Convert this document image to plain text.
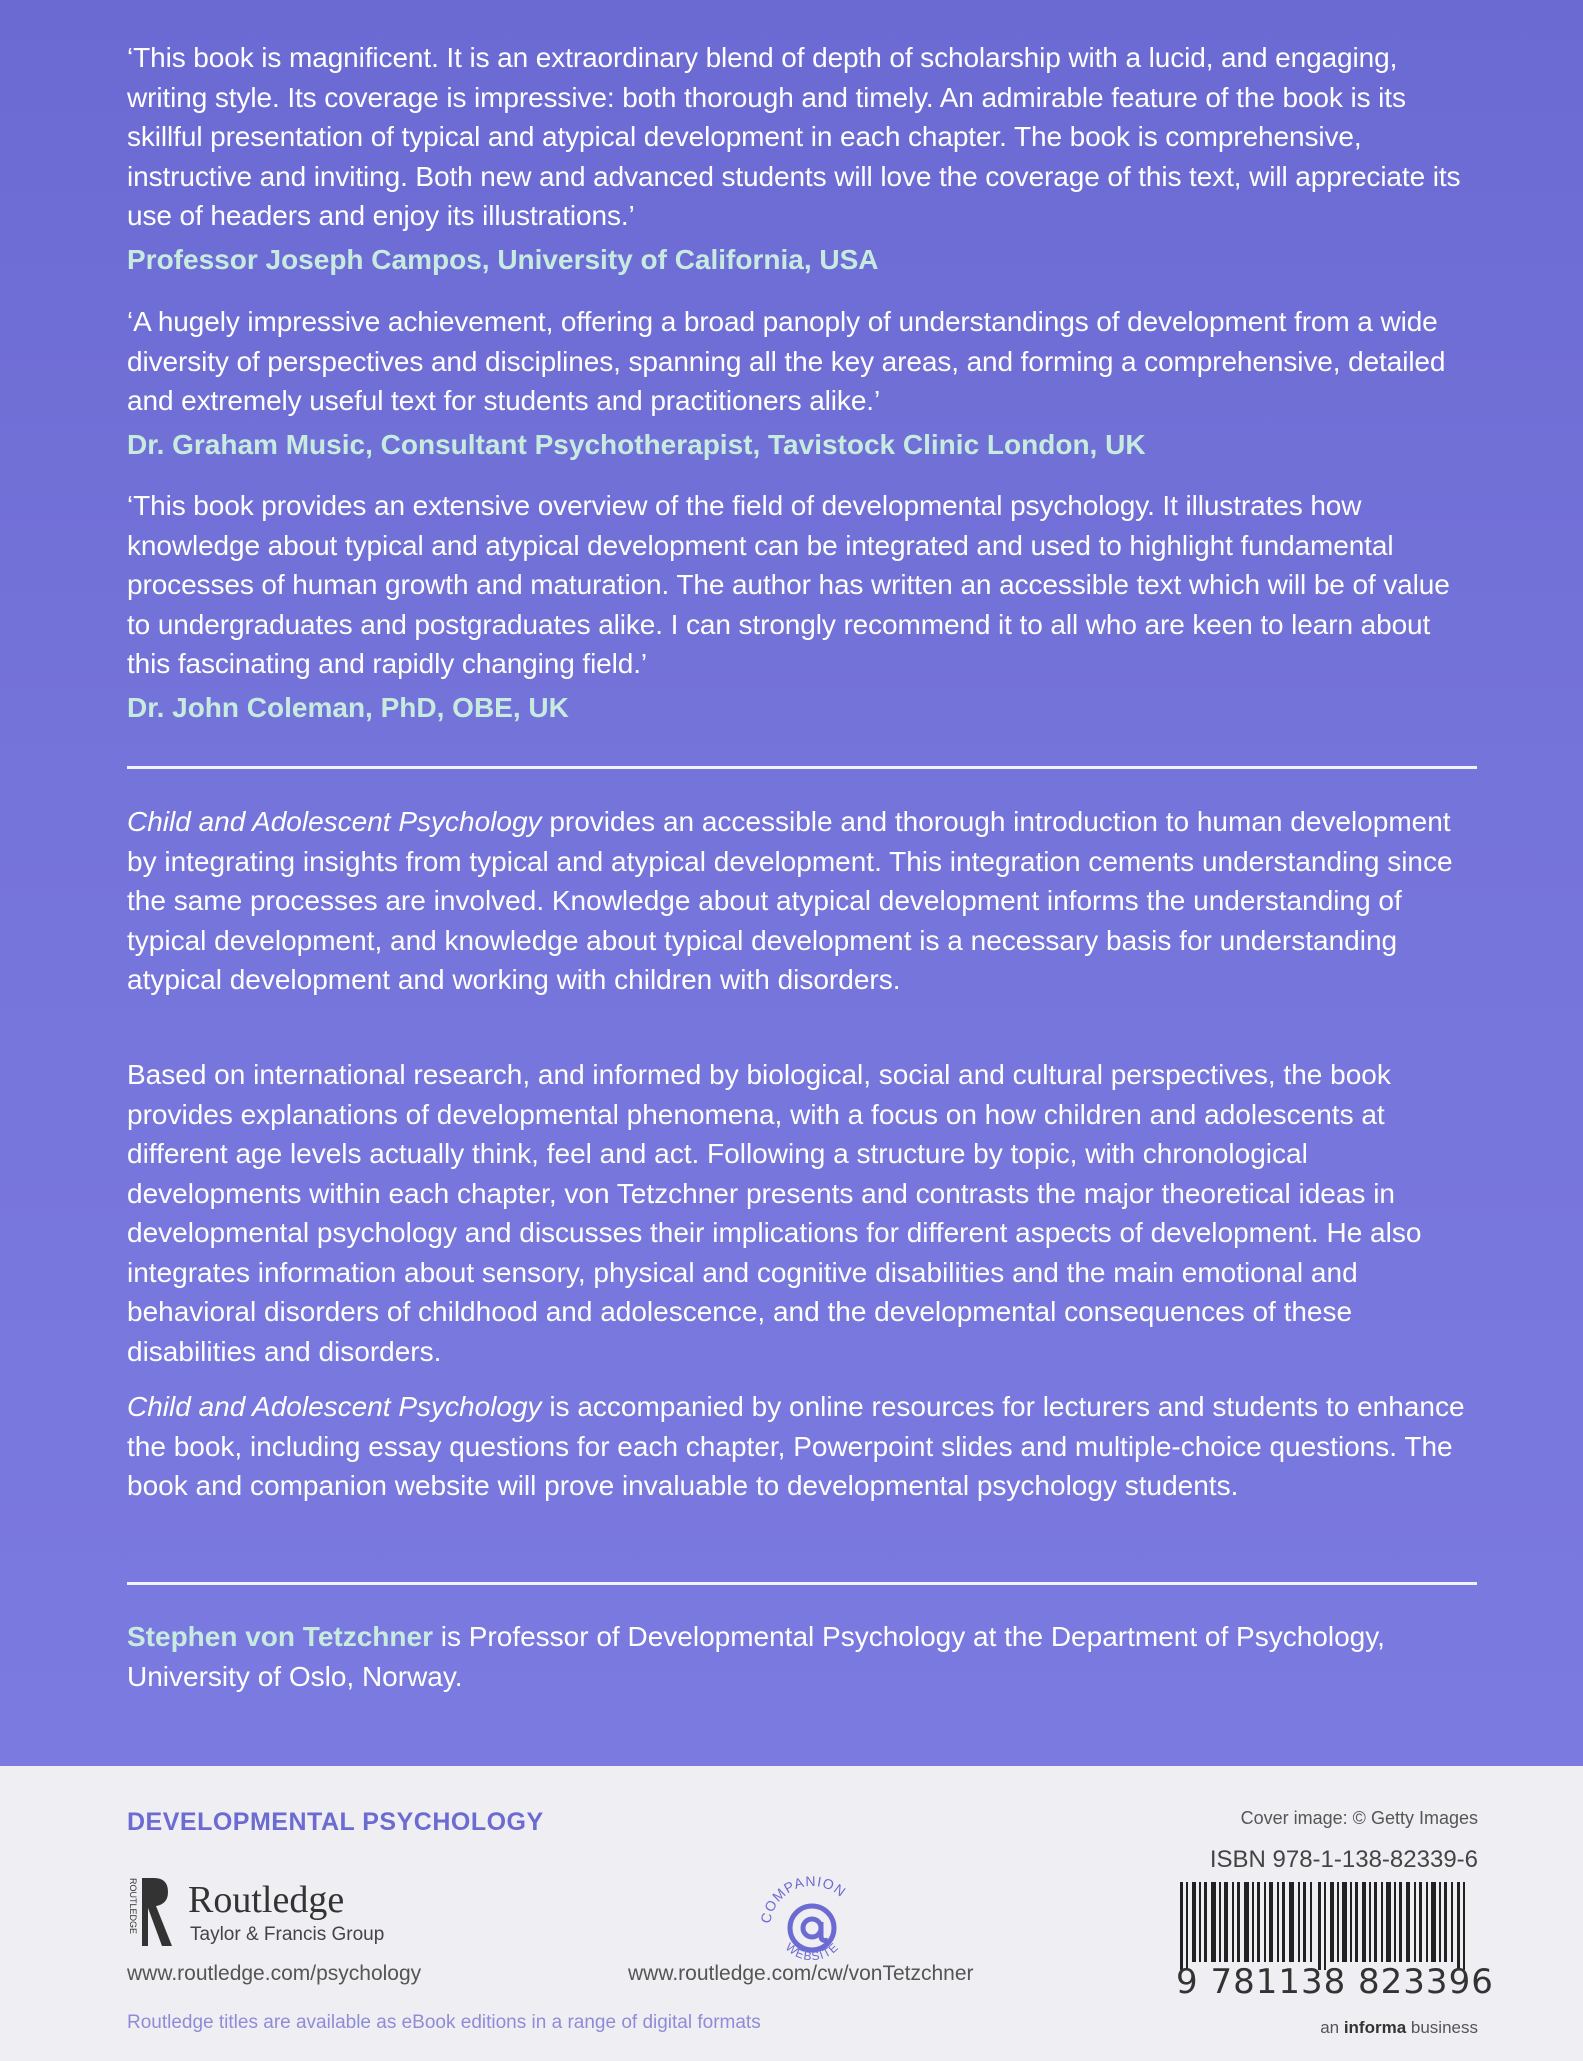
‘This book is magnificent. It is an extraordinary blend of depth of scholarship with a lucid, and engaging, writing style. Its coverage is impressive: both thorough and timely. An admirable feature of the book is its skillful presentation of typical and atypical development in each chapter. The book is comprehensive, instructive and inviting. Both new and advanced students will love the coverage of this text, will appreciate its use of headers and enjoy its illustrations.’

Professor Joseph Campos, University of California, USA

‘A hugely impressive achievement, offering a broad panoply of understandings of development from a wide diversity of perspectives and disciplines, spanning all the key areas, and forming a comprehensive, detailed and extremely useful text for students and practitioners alike.’

Dr. Graham Music, Consultant Psychotherapist, Tavistock Clinic London, UK

‘This book provides an extensive overview of the field of developmental psychology. It illustrates how knowledge about typical and atypical development can be integrated and used to highlight fundamental processes of human growth and maturation. The author has written an accessible text which will be of value to undergraduates and postgraduates alike. I can strongly recommend it to all who are keen to learn about this fascinating and rapidly changing field.’

Dr. John Coleman, PhD, OBE, UK

Child and Adolescent Psychology provides an accessible and thorough introduction to human development by integrating insights from typical and atypical development. This integration cements understanding since the same processes are involved. Knowledge about atypical development informs the understanding of typical development, and knowledge about typical development is a necessary basis for understanding atypical development and working with children with disorders.

Based on international research, and informed by biological, social and cultural perspectives, the book provides explanations of developmental phenomena, with a focus on how children and adolescents at different age levels actually think, feel and act. Following a structure by topic, with chronological developments within each chapter, von Tetzchner presents and contrasts the major theoretical ideas in developmental psychology and discusses their implications for different aspects of development. He also integrates information about sensory, physical and cognitive disabilities and the main emotional and behavioral disorders of childhood and adolescence, and the developmental consequences of these disabilities and disorders.

Child and Adolescent Psychology is accompanied by online resources for lecturers and students to enhance the book, including essay questions for each chapter, Powerpoint slides and multiple-choice questions. The book and companion website will prove invaluable to developmental psychology students.

Stephen von Tetzchner is Professor of Developmental Psychology at the Department of Psychology, University of Oslo, Norway.

DEVELOPMENTAL PSYCHOLOGY
ROUTLEDGE Routledge
Taylor & Francis Group
www.routledge.com/psychology
COMPANION
WEBSITE
www.routledge.com/cw/vonTetzchner
Routledge titles are available as eBook editions in a range of digital formats
Cover image: © Getty Images
ISBN 978-1-138-82339-6
9 781138 823396
an informa business
